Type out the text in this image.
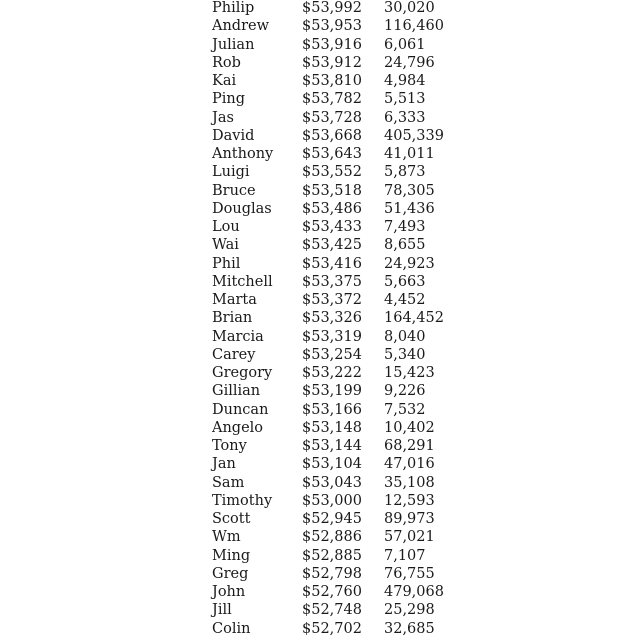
Philip	$53,992	30,020
Andrew	$53,953	116,460
Julian	$53,916	6,061
Rob	$53,912	24,796
Kai	$53,810	4,984
Ping	$53,782	5,513
Jas	$53,728	6,333
David	$53,668	405,339
Anthony	$53,643	41,011
Luigi	$53,552	5,873
Bruce	$53,518	78,305
Douglas	$53,486	51,436
Lou	$53,433	7,493
Wai	$53,425	8,655
Phil	$53,416	24,923
Mitchell	$53,375	5,663
Marta	$53,372	4,452
Brian	$53,326	164,452
Marcia	$53,319	8,040
Carey	$53,254	5,340
Gregory	$53,222	15,423
Gillian	$53,199	9,226
Duncan	$53,166	7,532
Angelo	$53,148	10,402
Tony	$53,144	68,291
Jan	$53,104	47,016
Sam	$53,043	35,108
Timothy	$53,000	12,593
Scott	$52,945	89,973
Wm	$52,886	57,021
Ming	$52,885	7,107
Greg	$52,798	76,755
John	$52,760	479,068
Jill	$52,748	25,298
Colin	$52,702	32,685
